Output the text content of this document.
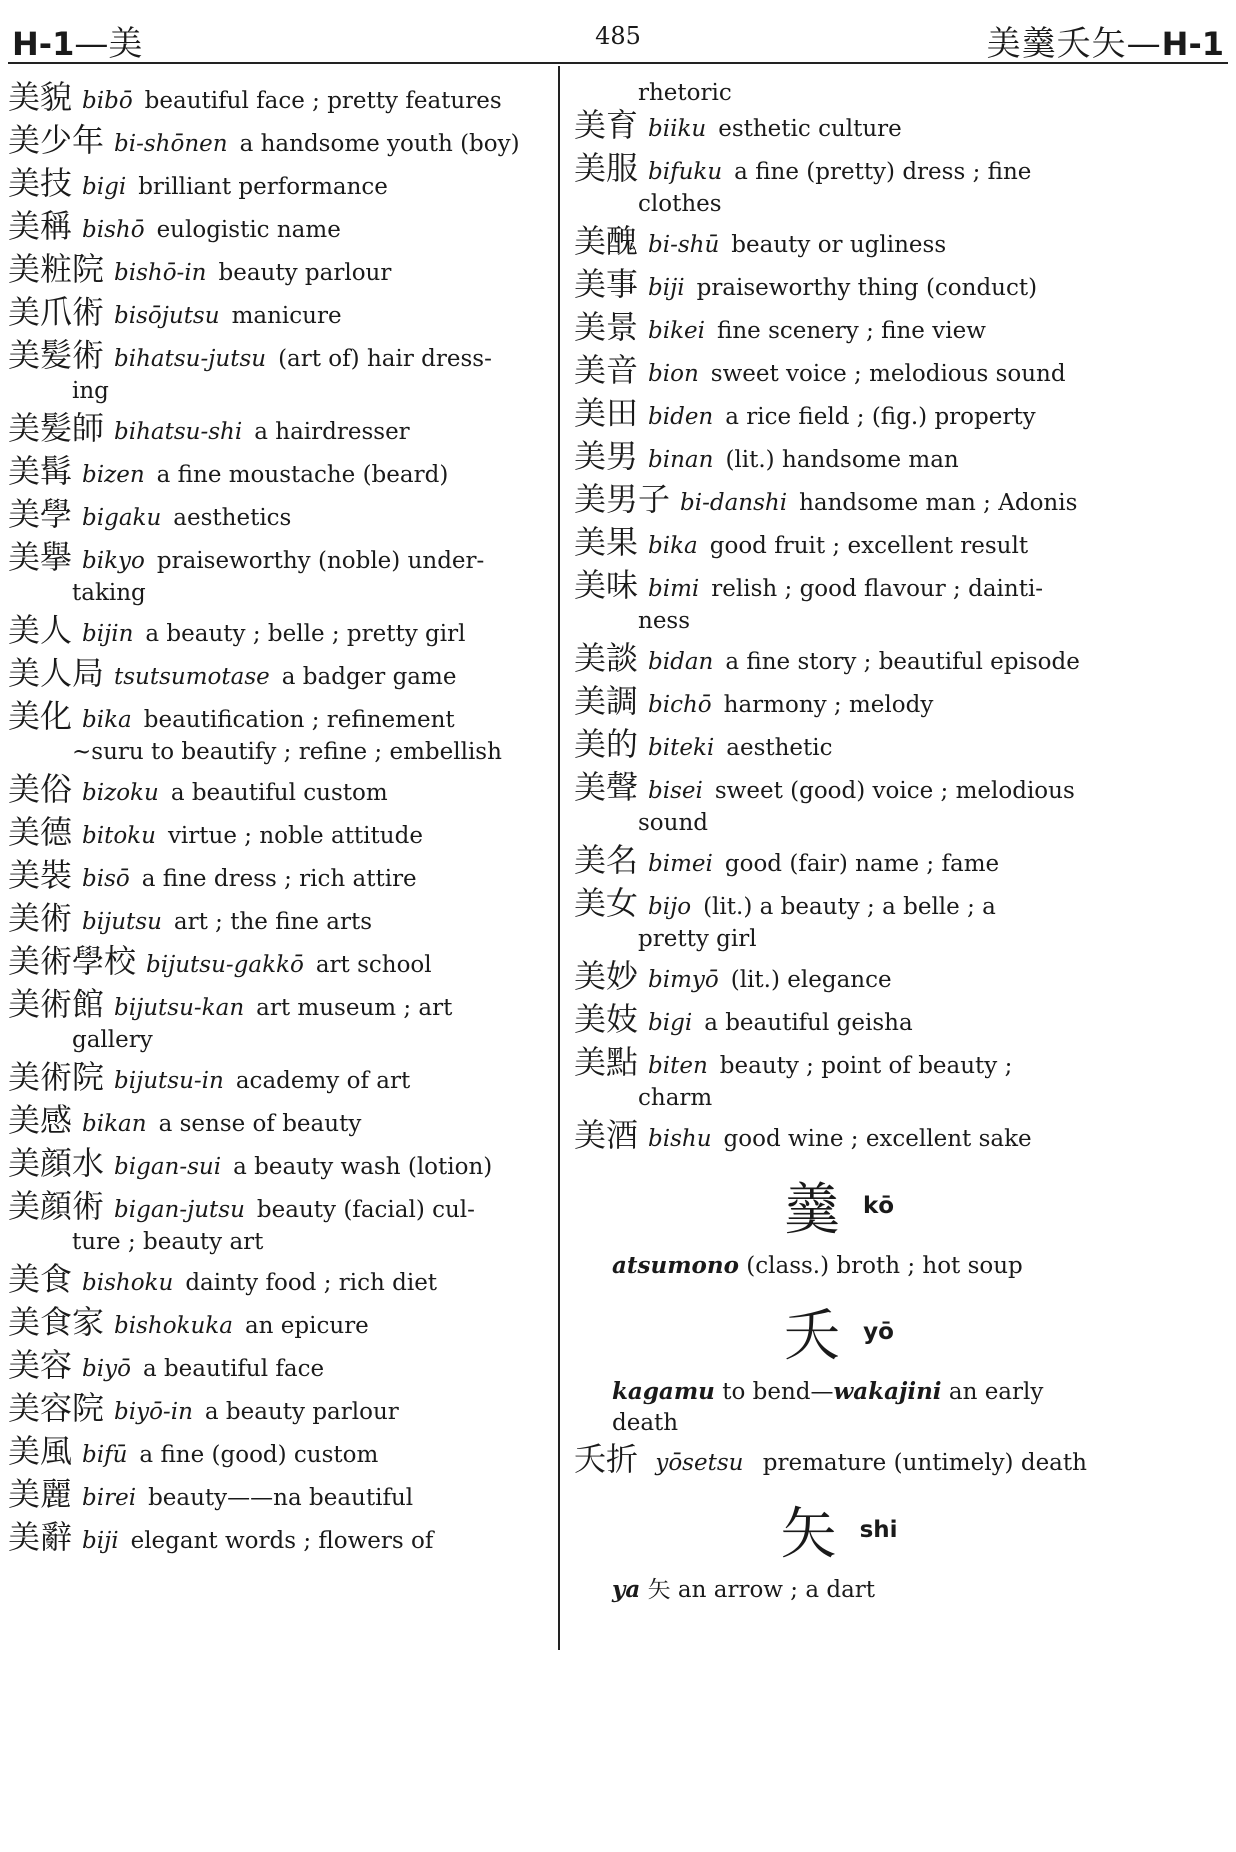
H-1—美	485	美羹夭矢—H-1
美貌 bibō beautiful face ; pretty features
美少年 bi-shōnen a handsome youth (boy)
美技 bigi brilliant performance
美稱 bishō eulogistic name
美粧院 bishō-in beauty parlour
美爪術 bisōjutsu manicure
美髪術 bihatsu-jutsu (art of) hair dress-
ing
美髪師 bihatsu-shi a hairdresser
美髯 bizen a fine moustache (beard)
美學 bigaku aesthetics
美擧 bikyo praiseworthy (noble) under-
taking
美人 bijin a beauty ; belle ; pretty girl
美人局 tsutsumotase a badger game
美化 bika beautification ; refinement
~suru to beautify ; refine ; embellish
美俗 bizoku a beautiful custom
美德 bitoku virtue ; noble attitude
美裝 bisō a fine dress ; rich attire
美術 bijutsu art ; the fine arts
美術學校 bijutsu-gakkō art school
美術館 bijutsu-kan art museum ; art
gallery
美術院 bijutsu-in academy of art
美感 bikan a sense of beauty
美顔水 bigan-sui a beauty wash (lotion)
美顔術 bigan-jutsu beauty (facial) cul-
ture ; beauty art
美食 bishoku dainty food ; rich diet
美食家 bishokuka an epicure
美容 biyō a beautiful face
美容院 biyō-in a beauty parlour
美風 bifū a fine (good) custom
美麗 birei beauty——na beautiful
美辭 biji elegant words ; flowers of
rhetoric
美育 biiku esthetic culture
美服 bifuku a fine (pretty) dress ; fine
clothes
美醜 bi-shū beauty or ugliness
美事 biji praiseworthy thing (conduct)
美景 bikei fine scenery ; fine view
美音 bion sweet voice ; melodious sound
美田 biden a rice field ; (fig.) property
美男 binan (lit.) handsome man
美男子 bi-danshi handsome man ; Adonis
美果 bika good fruit ; excellent result
美味 bimi relish ; good flavour ; dainti-
ness
美談 bidan a fine story ; beautiful episode
美調 bichō harmony ; melody
美的 biteki aesthetic
美聲 bisei sweet (good) voice ; melodious
sound
美名 bimei good (fair) name ; fame
美女 bijo (lit.) a beauty ; a belle ; a
pretty girl
美妙 bimyō (lit.) elegance
美妓 bigi a beautiful geisha
美點 biten beauty ; point of beauty ;
charm
美酒 bishu good wine ; excellent sake
羹 kō
atsumono (class.) broth ; hot soup
夭 yō
kagamu to bend—wakajini an early
death
夭折 yōsetsu premature (untimely) death
矢 shi
ya 矢 an arrow ; a dart
